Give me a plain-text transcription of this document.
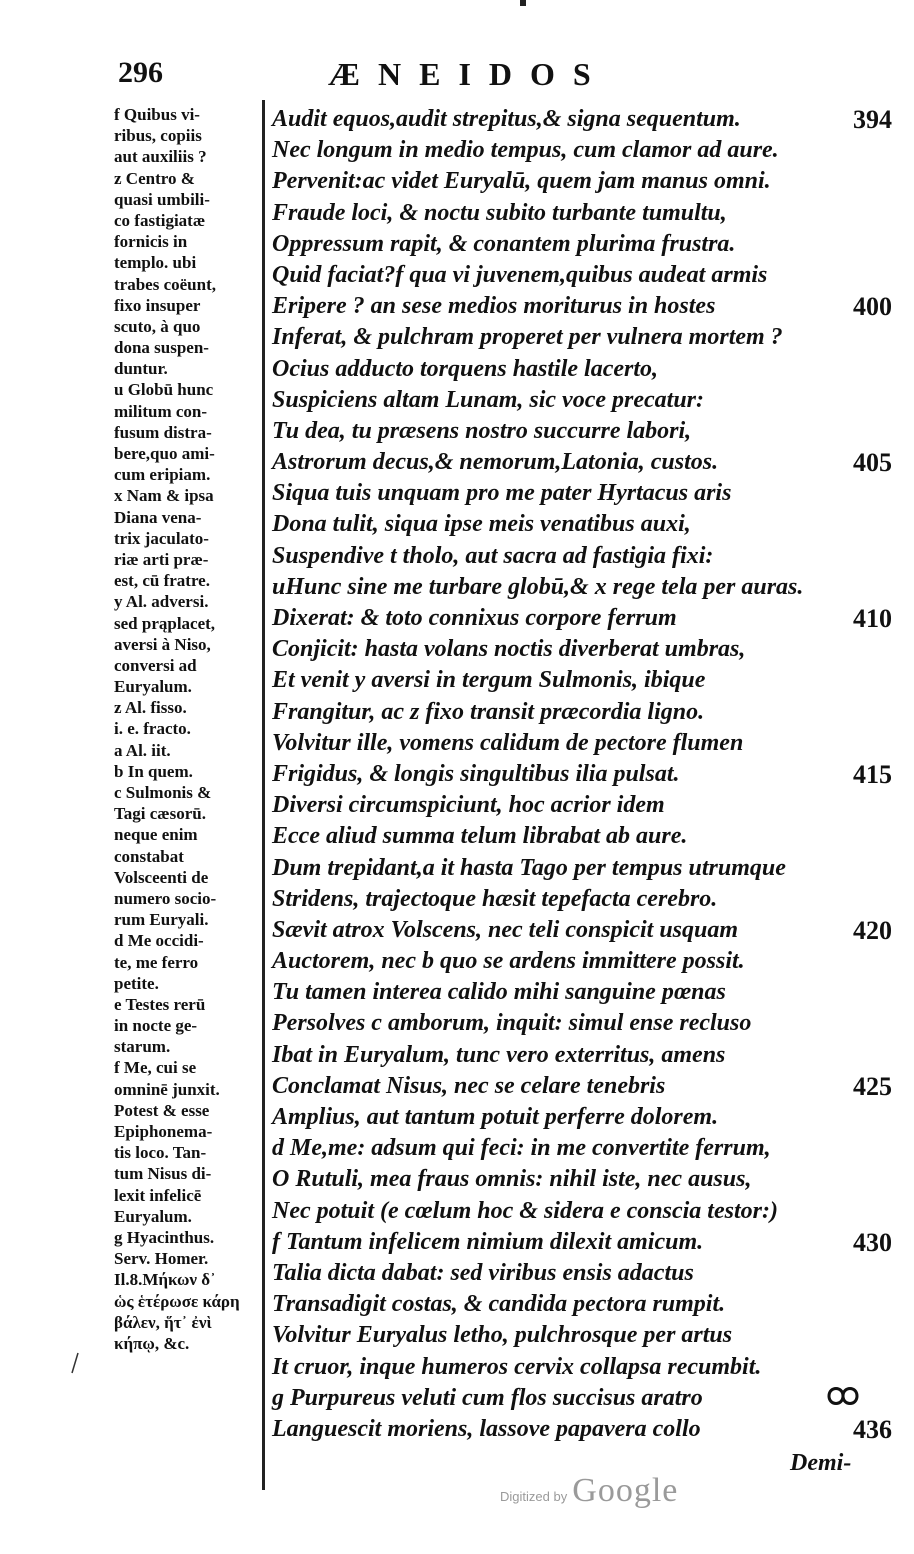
296	ÆNEIDOS
f Quibus vi-
ribus, copiis
aut auxiliis ?
z Centro &
quasi umbili-
co fastigiatæ
fornicis in
templo. ubi
trabes coëunt,
fixo insuper
scuto, à quo
dona suspen-
duntur.
u Globū hunc
militum con-
fusum distra-
bere,quo ami-
cum eripiam.
x Nam & ipsa
Diana vena-
trix jaculato-
riæ arti præ-
est, cū fratre.
y Al. adversi.
sed prąplacet,
aversi à Niso,
conversi ad
Euryalum.
z Al. fisso.
i. e. fracto.
a Al. iit.
b In quem.
c Sulmonis &
Tagi cæsorū.
neque enim
constabat
Volsceenti de
numero socio-
rum Euryali.
d Me occidi-
te, me ferro
petite.
e Testes rerū
in nocte ge-
starum.
f Me, cui se
omninē junxit.
Potest & esse
Epiphonema-
tis loco. Tan-
tum Nisus di-
lexit infelicē
Euryalum.
g Hyacinthus.
Serv. Homer.
Il.8.Μήκων δ᾽
ὡς ἑτέρωσε κάρη
βάλεν, ἥτ᾽ ἐνὶ
κήπῳ, &c.
Audit equos,audit strepitus,& signa sequentum.	394
Nec longum in medio tempus, cum clamor ad aure.
Pervenit:ac videt Euryalū, quem jam manus omni.
Fraude loci, & noctu subito turbante tumultu,
Oppressum rapit, & conantem plurima frustra.
Quid faciat?f qua vi juvenem,quibus audeat armis
Eripere ? an sese medios moriturus in hostes	400
Inferat, & pulchram properet per vulnera mortem ?
Ocius adducto torquens hastile lacerto,
Suspiciens altam Lunam, sic voce precatur:
Tu dea, tu præsens nostro succurre labori,
Astrorum decus,& nemorum,Latonia, custos.	405
Siqua tuis unquam pro me pater Hyrtacus aris
Dona tulit, siqua ipse meis venatibus auxi,
Suspendive t tholo, aut sacra ad fastigia fixi:
uHunc sine me turbare globū,& x rege tela per auras.
Dixerat: & toto connixus corpore ferrum	410
Conjicit: hasta volans noctis diverberat umbras,
Et venit y aversi in tergum Sulmonis, ibique
Frangitur, ac z fixo transit præcordia ligno.
Volvitur ille, vomens calidum de pectore flumen
Frigidus, & longis singultibus ilia pulsat.	415
Diversi circumspiciunt, hoc acrior idem
Ecce aliud summa telum librabat ab aure.
Dum trepidant,a it hasta Tago per tempus utrumque
Stridens, trajectoque hæsit tepefacta cerebro.
Sævit atrox Volscens, nec teli conspicit usquam	420
Auctorem, nec b quo se ardens immittere possit.
Tu tamen interea calido mihi sanguine pœnas
Persolves c amborum, inquit: simul ense recluso
Ibat in Euryalum, tunc vero exterritus, amens
Conclamat Nisus, nec se celare tenebris	425
Amplius, aut tantum potuit perferre dolorem.
d Me,me: adsum qui feci: in me convertite ferrum,
O Rutuli, mea fraus omnis: nihil iste, nec ausus,
Nec potuit (e cœlum hoc & sidera e conscia testor:)
f Tantum infelicem nimium dilexit amicum.	430
Talia dicta dabat: sed viribus ensis adactus
Transadigit costas, & candida pectora rumpit.
Volvitur Euryalus letho, pulchrosque per artus
It cruor, inque humeros cervix collapsa recumbit.
g Purpureus veluti cum flos succisus aratro
Languescit moriens, lassove papavera collo	436
Demi-
Digitized by Google
